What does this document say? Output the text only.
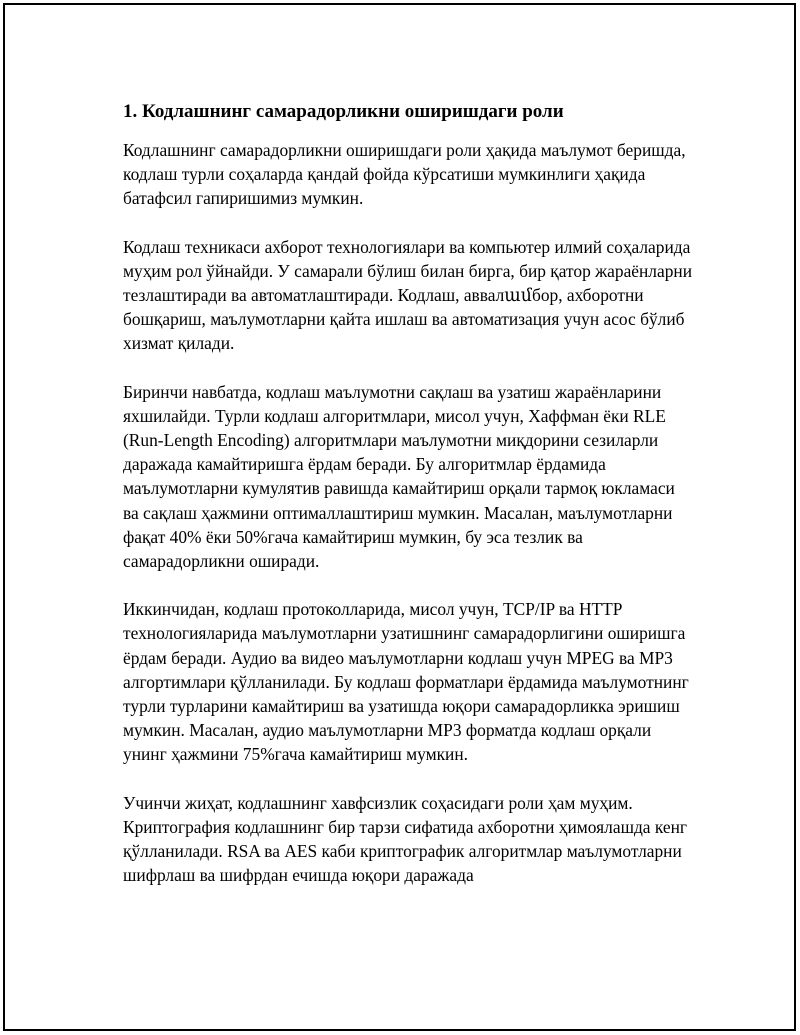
1. Кодлашнинг самарадорликни оширишдаги роли

Кодлашнинг самарадорликни оширишдаги роли ҳақида маълумот беришда, кодлаш турли соҳаларда қандай фойда кўрсатиши мумкинлиги ҳақида батафсил гапиришимиз мумкин.

Кодлаш техникаси ахборот технологиялари ва компьютер илмий соҳаларида муҳим рол ўйнайди. У самарали бўлиш билан бирга, бир қатор жараёнларни тезлаштиради ва автоматлаштиради. Кодлаш, аввалամбор, ахборотни бошқариш, маълумотларни қайта ишлаш ва автоматизация учун асос бўлиб хизмат қилади.

Биринчи навбатда, кодлаш маълумотни сақлаш ва узатиш жараёнларини яхшилайди. Турли кодлаш алгоритмлари, мисол учун, Хаффман ёки RLE (Run-Length Encoding) алгоритмлари маълумотни миқдорини сезиларли даражада камайтиришга ёрдам беради. Бу алгоритмлар ёрдамида маълумотларни кумулятив равишда камайтириш орқали тармоқ юкламаси ва сақлаш ҳажмини оптималлаштириш мумкин. Масалан, маълумотларни фақат 40% ёки 50%гача камайтириш мумкин, бу эса тезлик ва самарадорликни оширади.

Иккинчидан, кодлаш протоколларида, мисол учун, TCP/IP ва HTTP технологияларида маълумотларни узатишнинг самарадорлигини оширишга ёрдам беради. Аудио ва видео маълумотларни кодлаш учун MPEG ва MP3 алгортимлари қўлланилади. Бу кодлаш форматлари ёрдамида маълумотнинг турли турларини камайтириш ва узатишда юқори самарадорликка эришиш мумкин. Масалан, аудио маълумотларни MP3 форматда кодлаш орқали унинг ҳажмини 75%гача камайтириш мумкин.

Учинчи жиҳат, кодлашнинг хавфсизлик соҳасидаги роли ҳам муҳим. Криптография кодлашнинг бир тарзи сифатида ахборотни ҳимоялашда кенг қўлланилади. RSA ва AES каби криптографик алгоритмлар маълумотларни шифрлаш ва шифрдан ечишда юқори даражада
